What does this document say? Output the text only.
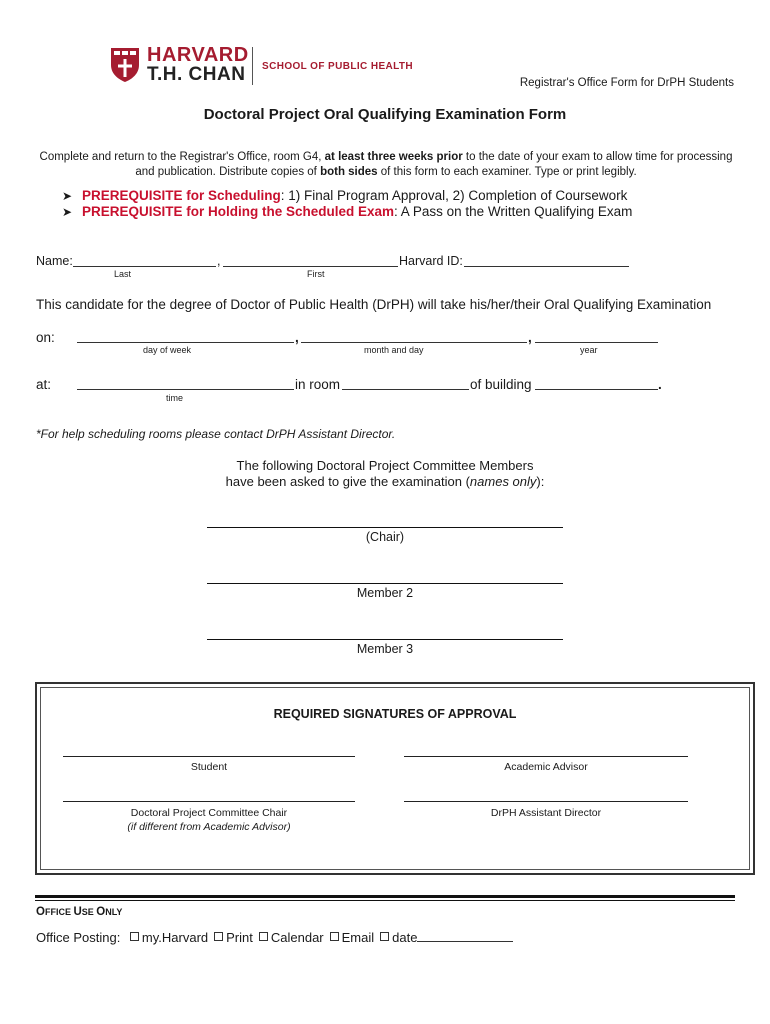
HARVARD
T.H. CHAN SCHOOL OF PUBLIC HEALTH
Registrar's Office Form for DrPH Students
Doctoral Project Oral Qualifying Examination Form
Complete and return to the Registrar's Office, room G4, at least three weeks prior to the date of your exam to allow time for processing and publication. Distribute copies of both sides of this form to each examiner. Type or print legibly.
➤ PREREQUISITE for Scheduling: 1) Final Program Approval, 2) Completion of Coursework
➤ PREREQUISITE for Holding the Scheduled Exam: A Pass on the Written Qualifying Exam
Name:	,	Harvard ID:
Last	First
This candidate for the degree of Doctor of Public Health (DrPH) will take his/her/their Oral Qualifying Examination
on:	,	,
day of week	month and day	year
at:	in room	of building	.
time
*For help scheduling rooms please contact DrPH Assistant Director.
The following Doctoral Project Committee Members
have been asked to give the examination (names only):
(Chair)
Member 2
Member 3
REQUIRED SIGNATURES OF APPROVAL
Student	Academic Advisor
Doctoral Project Committee Chair
(if different from Academic Advisor)
DrPH Assistant Director
OFFICE USE ONLY
Office Posting: my.Harvard Print Calendar Email date
